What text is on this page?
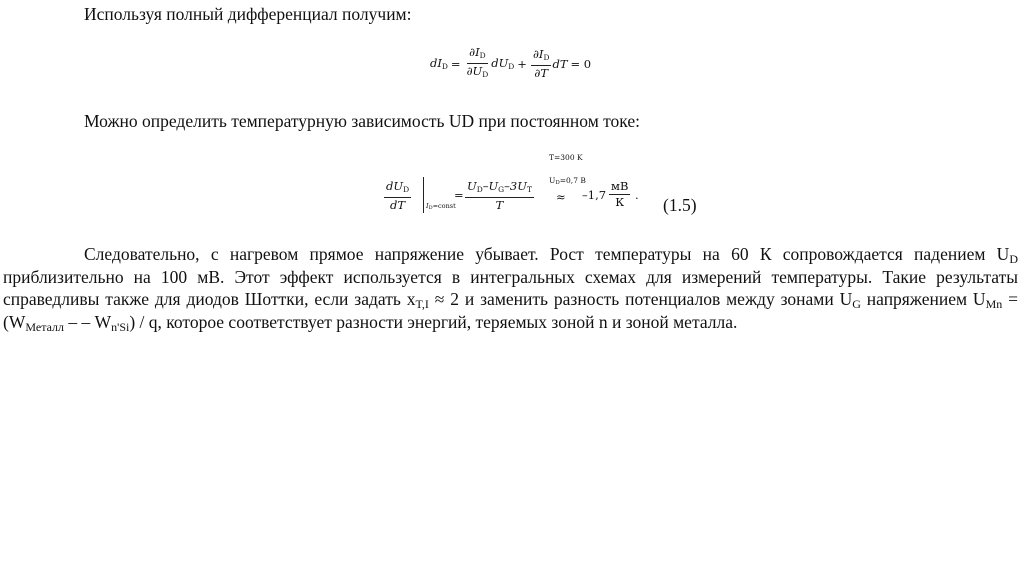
Используя полный дифференциал получим:
$dI_D = \frac{\partial I_D}{\partial U_D} dU_D + \frac{\partial I_D}{\partial T}$ dT = 0
Можно определить температурную зависимость UD при постоянном токе:
T=300 K
$U_D=0,7$ B
$dU_D$
dT	$I_D=const$
= $\frac{U_D-U_G-3U_T}{T} \approx -1,7$
мВ
К . (1.5)

Следовательно, с нагревом прямое напряжение убывает. Рост температуры на 60 К сопровождается падением $U_D$ приблизительно на 100 мВ. Этот эффект используется в интегральных схемах для измерений температуры. Такие результаты справедливы также для диодов Шоттки, если задать $x_{T,I} \approx 2$ и заменить разность потенциалов между зонами $U_G$ напряжением $U_{Mn} = (W_{Металл}$ – – $W_{n'Si}$) / q, которое соответствует разности энергий, теряемых зоной n и зоной металла.
